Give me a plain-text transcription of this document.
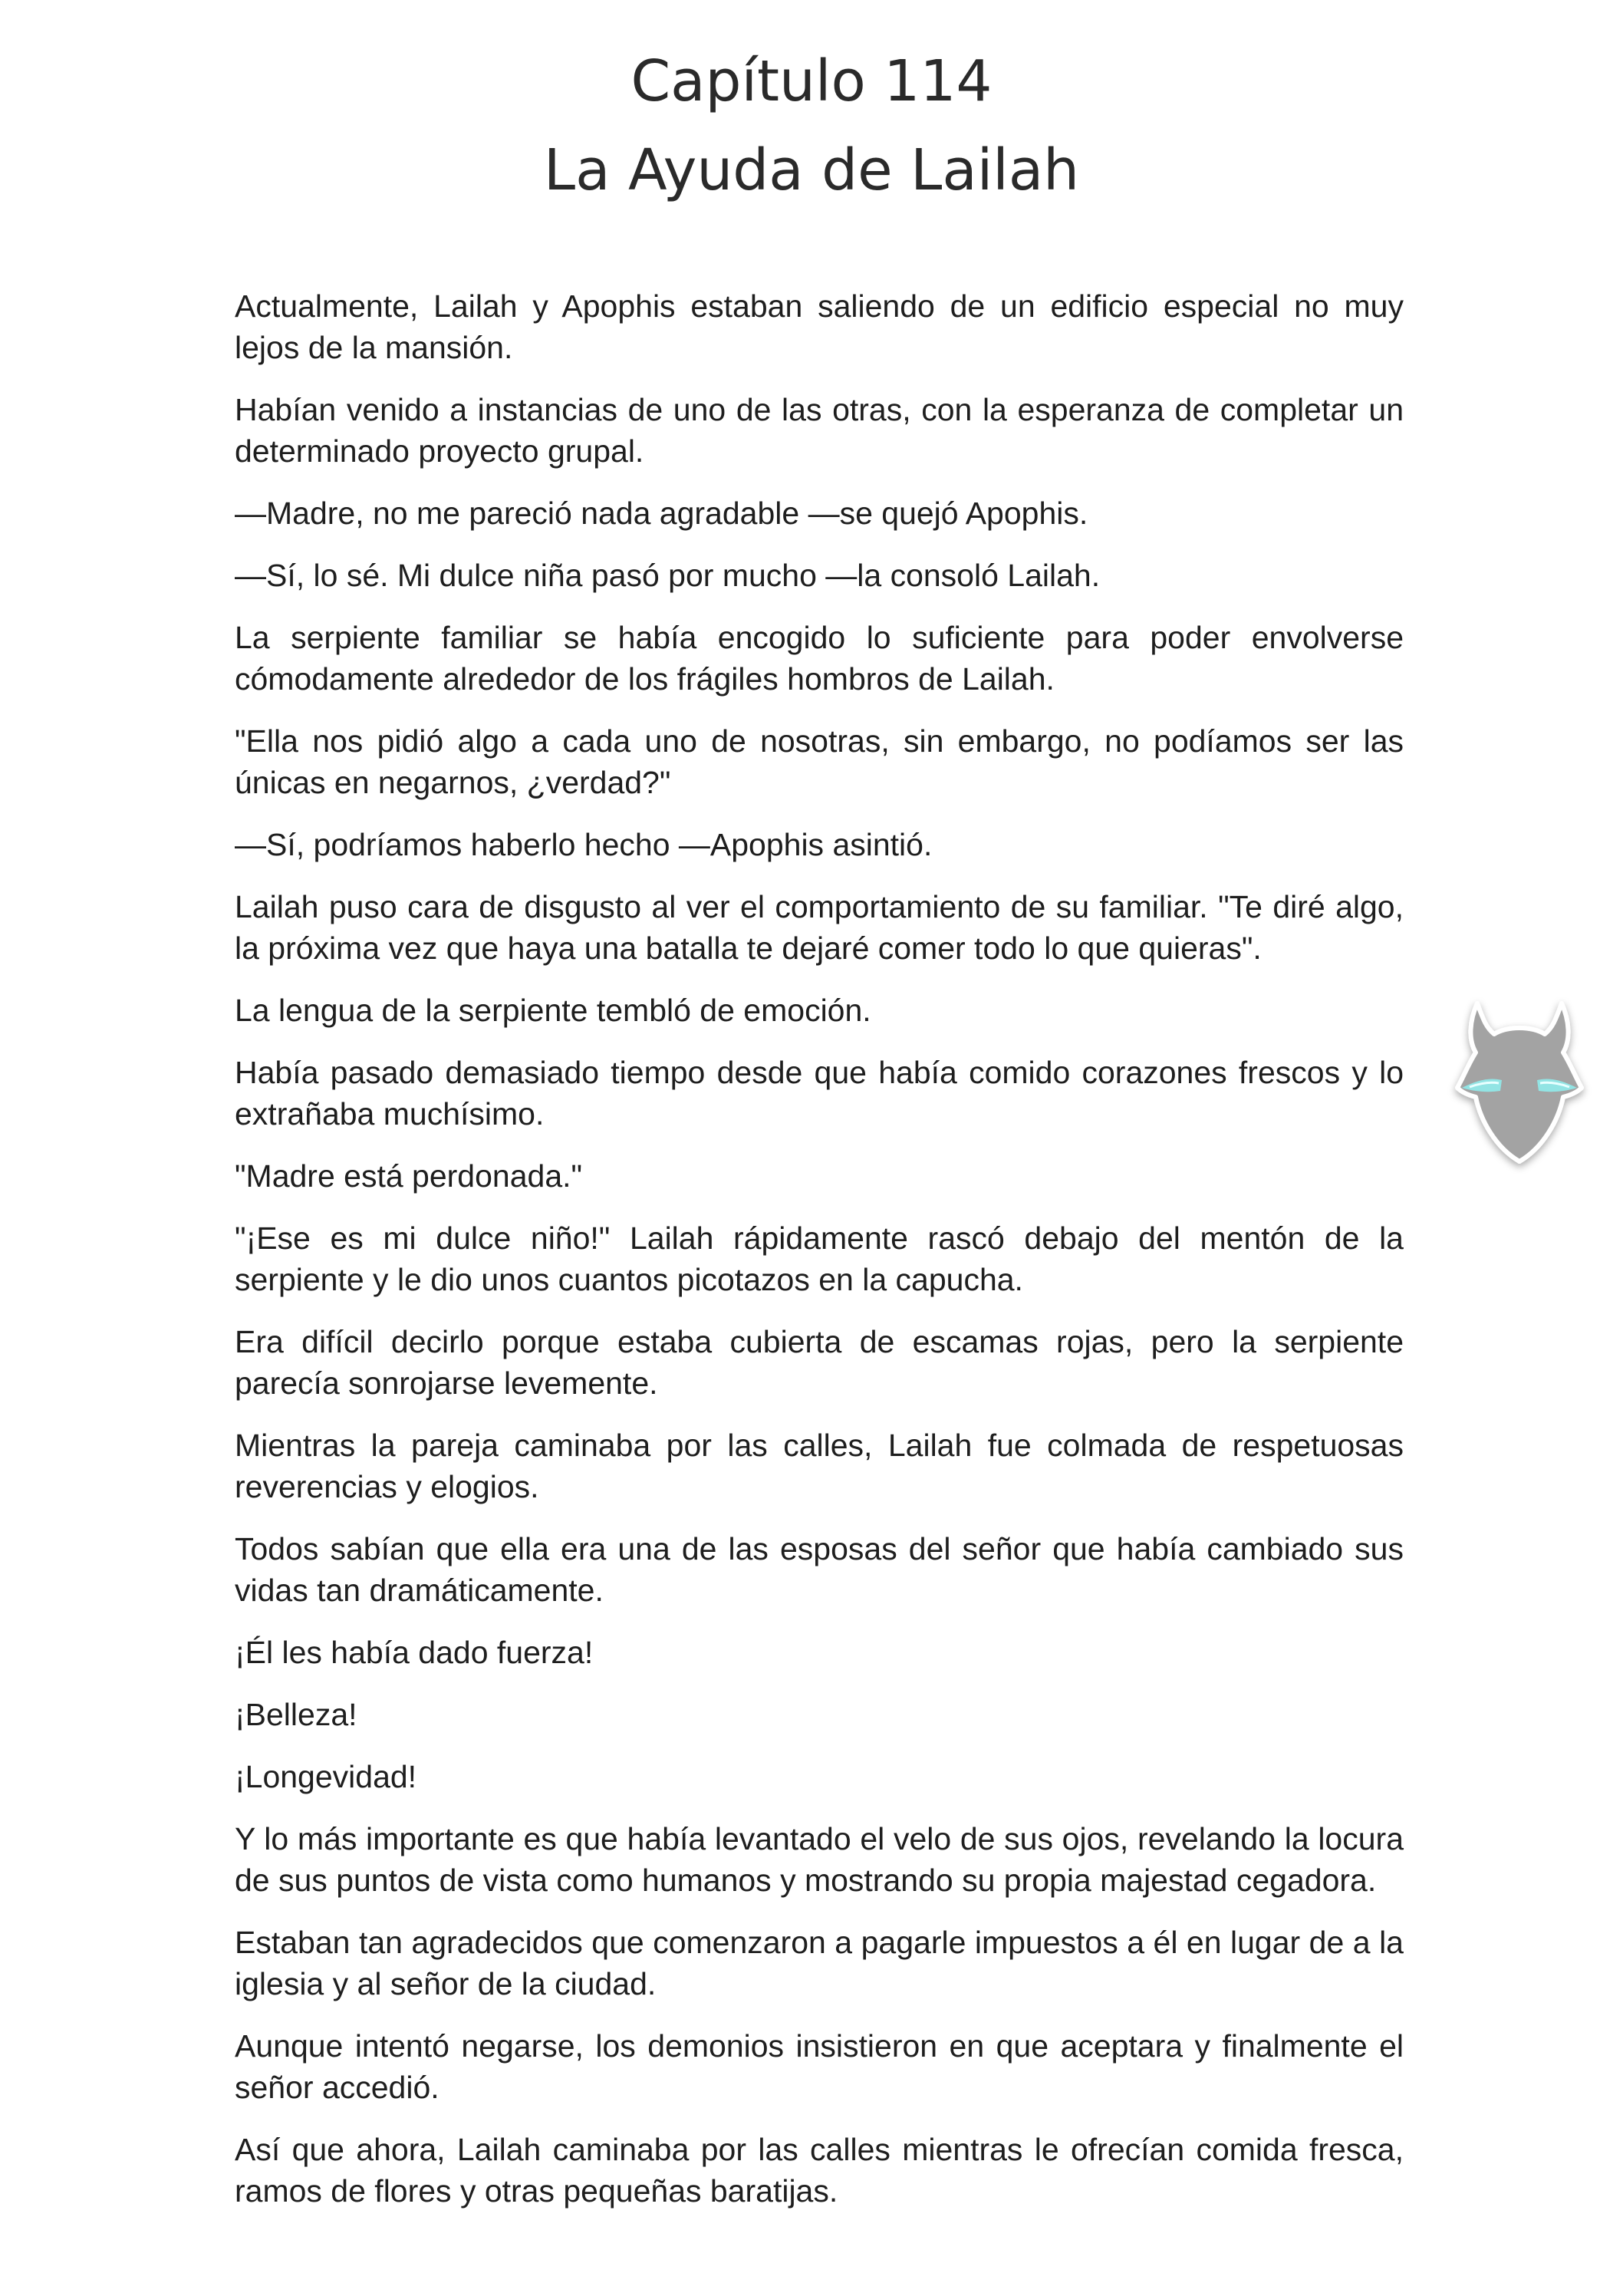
Capítulo 114
La Ayuda de Lailah

Actualmente, Lailah y Apophis estaban saliendo de un edificio especial no muy lejos de la mansión.

Habían venido a instancias de uno de las otras, con la esperanza de completar un determinado proyecto grupal.

—Madre, no me pareció nada agradable —se quejó Apophis.

—Sí, lo sé. Mi dulce niña pasó por mucho —la consoló Lailah.

La serpiente familiar se había encogido lo suficiente para poder envolverse cómodamente alrededor de los frágiles hombros de Lailah.

"Ella nos pidió algo a cada uno de nosotras, sin embargo, no podíamos ser las únicas en negarnos, ¿verdad?"

—Sí, podríamos haberlo hecho —Apophis asintió.

Lailah puso cara de disgusto al ver el comportamiento de su familiar. "Te diré algo, la próxima vez que haya una batalla te dejaré comer todo lo que quieras".

La lengua de la serpiente tembló de emoción.

Había pasado demasiado tiempo desde que había comido corazones frescos y lo extrañaba muchísimo.

"Madre está perdonada."

"¡Ese es mi dulce niño!" Lailah rápidamente rascó debajo del mentón de la serpiente y le dio unos cuantos picotazos en la capucha.

Era difícil decirlo porque estaba cubierta de escamas rojas, pero la serpiente parecía sonrojarse levemente.

Mientras la pareja caminaba por las calles, Lailah fue colmada de respetuosas reverencias y elogios.

Todos sabían que ella era una de las esposas del señor que había cambiado sus vidas tan dramáticamente.

¡Él les había dado fuerza!

¡Belleza!

¡Longevidad!

Y lo más importante es que había levantado el velo de sus ojos, revelando la locura de sus puntos de vista como humanos y mostrando su propia majestad cegadora.

Estaban tan agradecidos que comenzaron a pagarle impuestos a él en lugar de a la iglesia y al señor de la ciudad.

Aunque intentó negarse, los demonios insistieron en que aceptara y finalmente el señor accedió.

Así que ahora, Lailah caminaba por las calles mientras le ofrecían comida fresca, ramos de flores y otras pequeñas baratijas.
